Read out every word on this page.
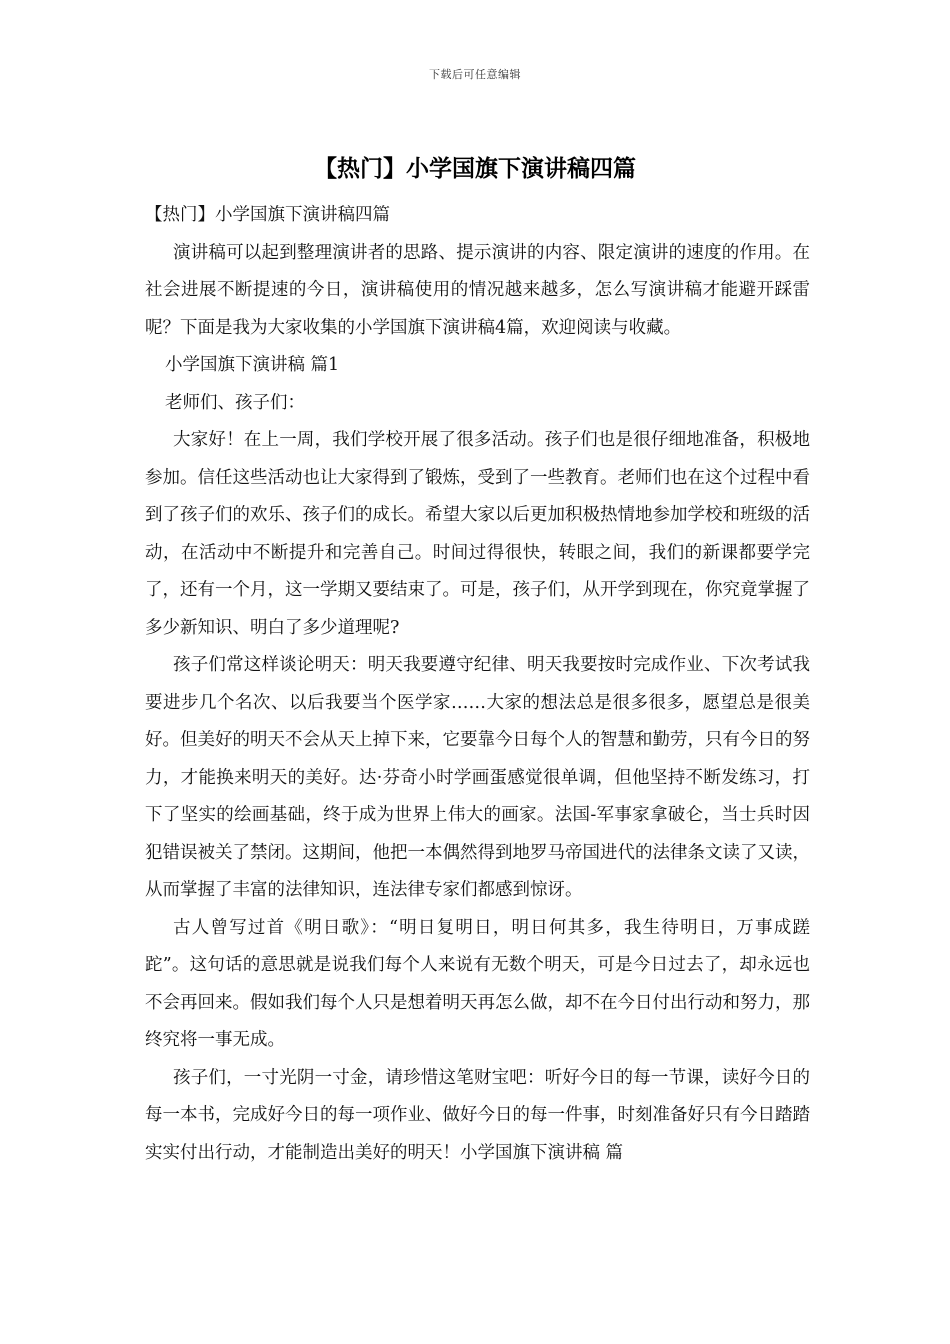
下载后可任意编辑
【热门】小学国旗下演讲稿四篇

【热门】小学国旗下演讲稿四篇

演讲稿可以起到整理演讲者的思路、提示演讲的内容、限定演讲的速度的作用。在社会进展不断提速的今日，演讲稿使用的情况越来越多，怎么写演讲稿才能避开踩雷呢？下面是我为大家收集的小学国旗下演讲稿4篇，欢迎阅读与收藏。

小学国旗下演讲稿 篇1

老师们、孩子们：

大家好！在上一周，我们学校开展了很多活动。孩子们也是很仔细地准备，积极地参加。信任这些活动也让大家得到了锻炼，受到了一些教育。老师们也在这个过程中看到了孩子们的欢乐、孩子们的成长。希望大家以后更加积极热情地参加学校和班级的活动，在活动中不断提升和完善自己。时间过得很快，转眼之间，我们的新课都要学完了，还有一个月，这一学期又要结束了。可是，孩子们，从开学到现在，你究竟掌握了多少新知识、明白了多少道理呢?

孩子们常这样谈论明天：明天我要遵守纪律、明天我要按时完成作业、下次考试我要进步几个名次、以后我要当个医学家……大家的想法总是很多很多，愿望总是很美好。但美好的明天不会从天上掉下来，它要靠今日每个人的智慧和勤劳，只有今日的努力，才能换来明天的美好。达·芬奇小时学画蛋感觉很单调，但他坚持不断发练习，打下了坚实的绘画基础，终于成为世界上伟大的画家。法国-军事家拿破仑，当士兵时因犯错误被关了禁闭。这期间，他把一本偶然得到地罗马帝国进代的法律条文读了又读，从而掌握了丰富的法律知识，连法律专家们都感到惊讶。

古人曾写过首《明日歌》：“明日复明日，明日何其多，我生待明日，万事成蹉跎”。这句话的意思就是说我们每个人来说有无数个明天，可是今日过去了，却永远也不会再回来。假如我们每个人只是想着明天再怎么做，却不在今日付出行动和努力，那终究将一事无成。

孩子们，一寸光阴一寸金，请珍惜这笔财宝吧：听好今日的每一节课，读好今日的每一本书，完成好今日的每一项作业、做好今日的每一件事，时刻准备好只有今日踏踏实实付出行动，才能制造出美好的明天！小学国旗下演讲稿 篇
